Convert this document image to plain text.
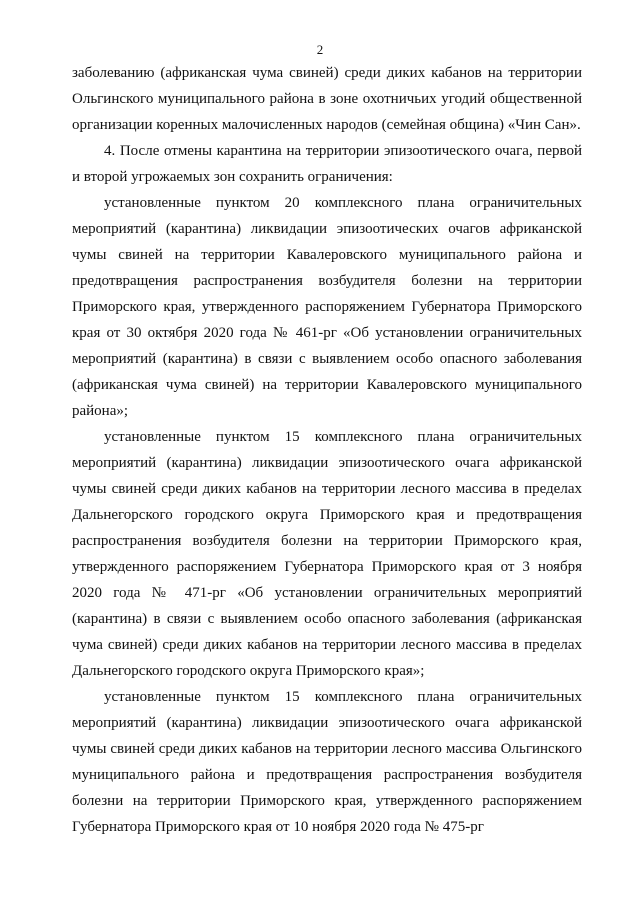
2

заболеванию (африканская чума свиней) среди диких кабанов на территории Ольгинского муниципального района в зоне охотничьих угодий общественной организации коренных малочисленных народов (семейная община) «Чин Сан».

4. После отмены карантина на территории эпизоотического очага, первой и второй угрожаемых зон сохранить ограничения:

установленные пунктом 20 комплексного плана ограничительных мероприятий (карантина) ликвидации эпизоотических очагов африканской чумы свиней на территории Кавалеровского муниципального района и предотвращения распространения возбудителя болезни на территории Приморского края, утвержденного распоряжением Губернатора Приморского края от 30 октября 2020 года № 461-рг «Об установлении ограничительных мероприятий (карантина) в связи с выявлением особо опасного заболевания (африканская чума свиней) на территории Кавалеровского муниципального района»;

установленные пунктом 15 комплексного плана ограничительных мероприятий (карантина) ликвидации эпизоотического очага африканской чумы свиней среди диких кабанов на территории лесного массива в пределах Дальнегорского городского округа Приморского края и предотвращения распространения возбудителя болезни на территории Приморского края, утвержденного распоряжением Губернатора Приморского края от 3 ноября 2020 года № 471-рг «Об установлении ограничительных мероприятий (карантина) в связи с выявлением особо опасного заболевания (африканская чума свиней) среди диких кабанов на территории лесного массива в пределах Дальнегорского городского округа Приморского края»;

установленные пунктом 15 комплексного плана ограничительных мероприятий (карантина) ликвидации эпизоотического очага африканской чумы свиней среди диких кабанов на территории лесного массива Ольгинского муниципального района и предотвращения распространения возбудителя болезни на территории Приморского края, утвержденного распоряжением Губернатора Приморского края от 10 ноября 2020 года № 475-рг
